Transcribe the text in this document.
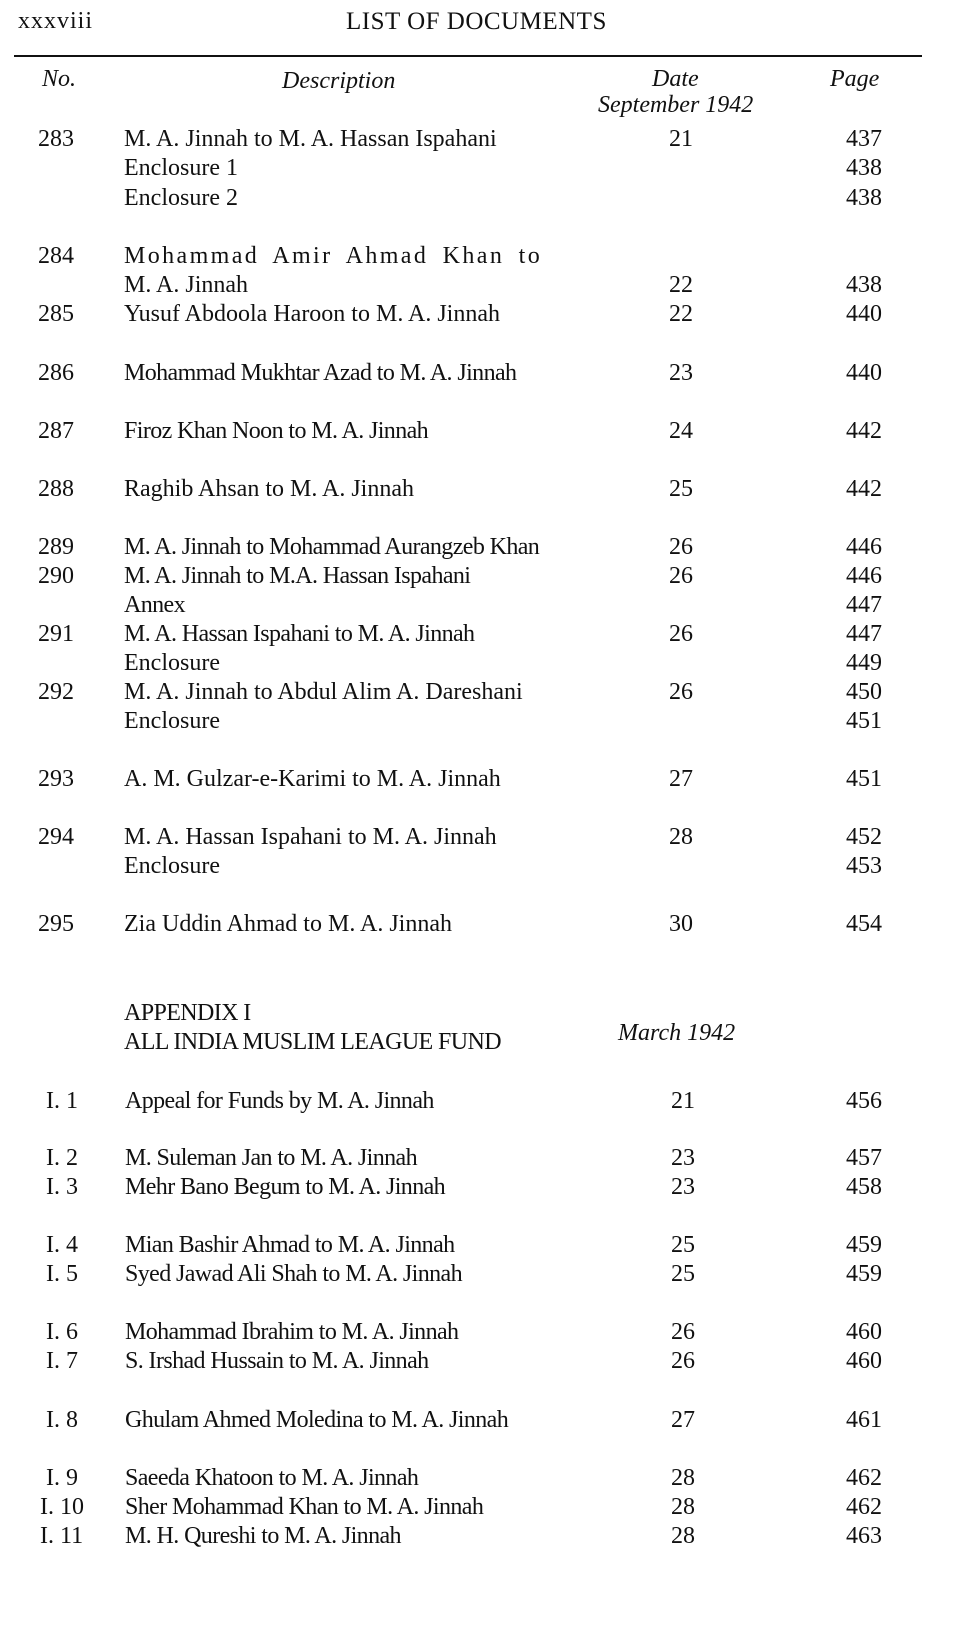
xxxviii	LIST OF DOCUMENTS
No.	Description	Date
September 1942
Page
283	M. A. Jinnah to M. A. Hassan Ispahani	21	437
Enclosure 1	438
Enclosure 2	438
284	Mohammad Amir Ahmad Khan to
M. A. Jinnah	22	438
285	Yusuf Abdoola Haroon to M. A. Jinnah	22	440
286	Mohammad Mukhtar Azad to M. A. Jinnah	23	440
287	Firoz Khan Noon to M. A. Jinnah	24	442
288	Raghib Ahsan to M. A. Jinnah	25	442
289	M. A. Jinnah to Mohammad Aurangzeb Khan	26	446
290	M. A. Jinnah to M.A. Hassan Ispahani	26	446
Annex	447
291	M. A. Hassan Ispahani to M. A. Jinnah	26	447
Enclosure	449
292	M. A. Jinnah to Abdul Alim A. Dareshani	26	450
Enclosure	451
293	A. M. Gulzar-e-Karimi to M. A. Jinnah	27	451
294	M. A. Hassan Ispahani to M. A. Jinnah	28	452
Enclosure	453
295	Zia Uddin Ahmad to M. A. Jinnah	30	454
APPENDIX I
ALL INDIA MUSLIM LEAGUE FUND	March 1942
I. 1	Appeal for Funds by M. A. Jinnah	21	456
I. 2	M. Suleman Jan to M. A. Jinnah	23	457
I. 3	Mehr Bano Begum to M. A. Jinnah	23	458
I. 4	Mian Bashir Ahmad to M. A. Jinnah	25	459
I. 5	Syed Jawad Ali Shah to M. A. Jinnah	25	459
I. 6	Mohammad Ibrahim to M. A. Jinnah	26	460
I. 7	S. Irshad Hussain to M. A. Jinnah	26	460
I. 8	Ghulam Ahmed Moledina to M. A. Jinnah	27	461
I. 9	Saeeda Khatoon to M. A. Jinnah	28	462
I. 10	Sher Mohammad Khan to M. A. Jinnah	28	462
I. 11	M. H. Qureshi to M. A. Jinnah	28	463
